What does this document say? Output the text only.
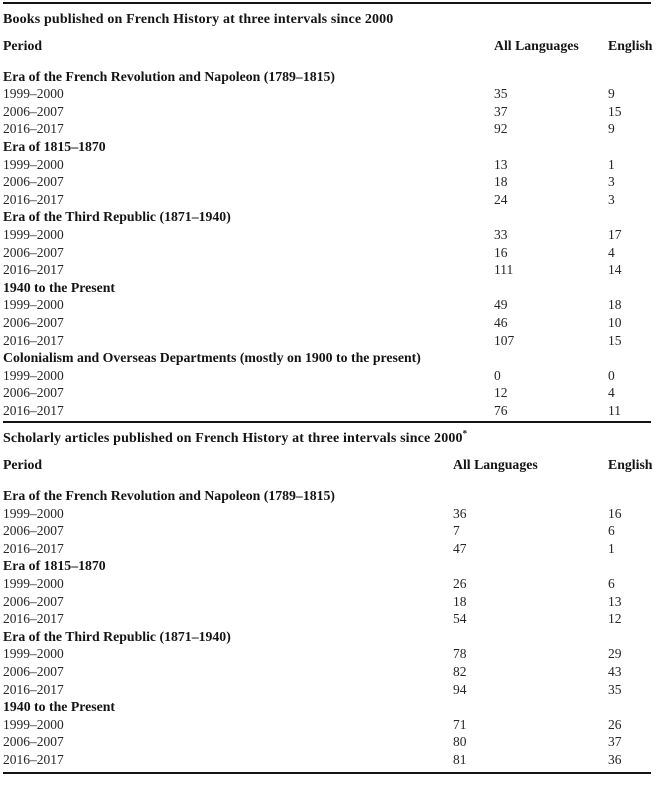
Books published on French History at three intervals since 2000
Period	All Languages	English
Era of the French Revolution and Napoleon (1789–1815)
1999–2000	35	9
2006–2007	37	15
2016–2017	92	9
Era of 1815–1870
1999–2000	13	1
2006–2007	18	3
2016–2017	24	3
Era of the Third Republic (1871–1940)
1999–2000	33	17
2006–2007	16	4
2016–2017	111	14
1940 to the Present
1999–2000	49	18
2006–2007	46	10
2016–2017	107	15
Colonialism and Overseas Departments (mostly on 1900 to the present)
1999–2000	0	0
2006–2007	12	4
2016–2017	76	11
Scholarly articles published on French History at three intervals since 2000*
Period	All Languages	English
Era of the French Revolution and Napoleon (1789–1815)
1999–2000	36	16
2006–2007	7	6
2016–2017	47	1
Era of 1815–1870
1999–2000	26	6
2006–2007	18	13
2016–2017	54	12
Era of the Third Republic (1871–1940)
1999–2000	78	29
2006–2007	82	43
2016–2017	94	35
1940 to the Present
1999–2000	71	26
2006–2007	80	37
2016–2017	81	36
